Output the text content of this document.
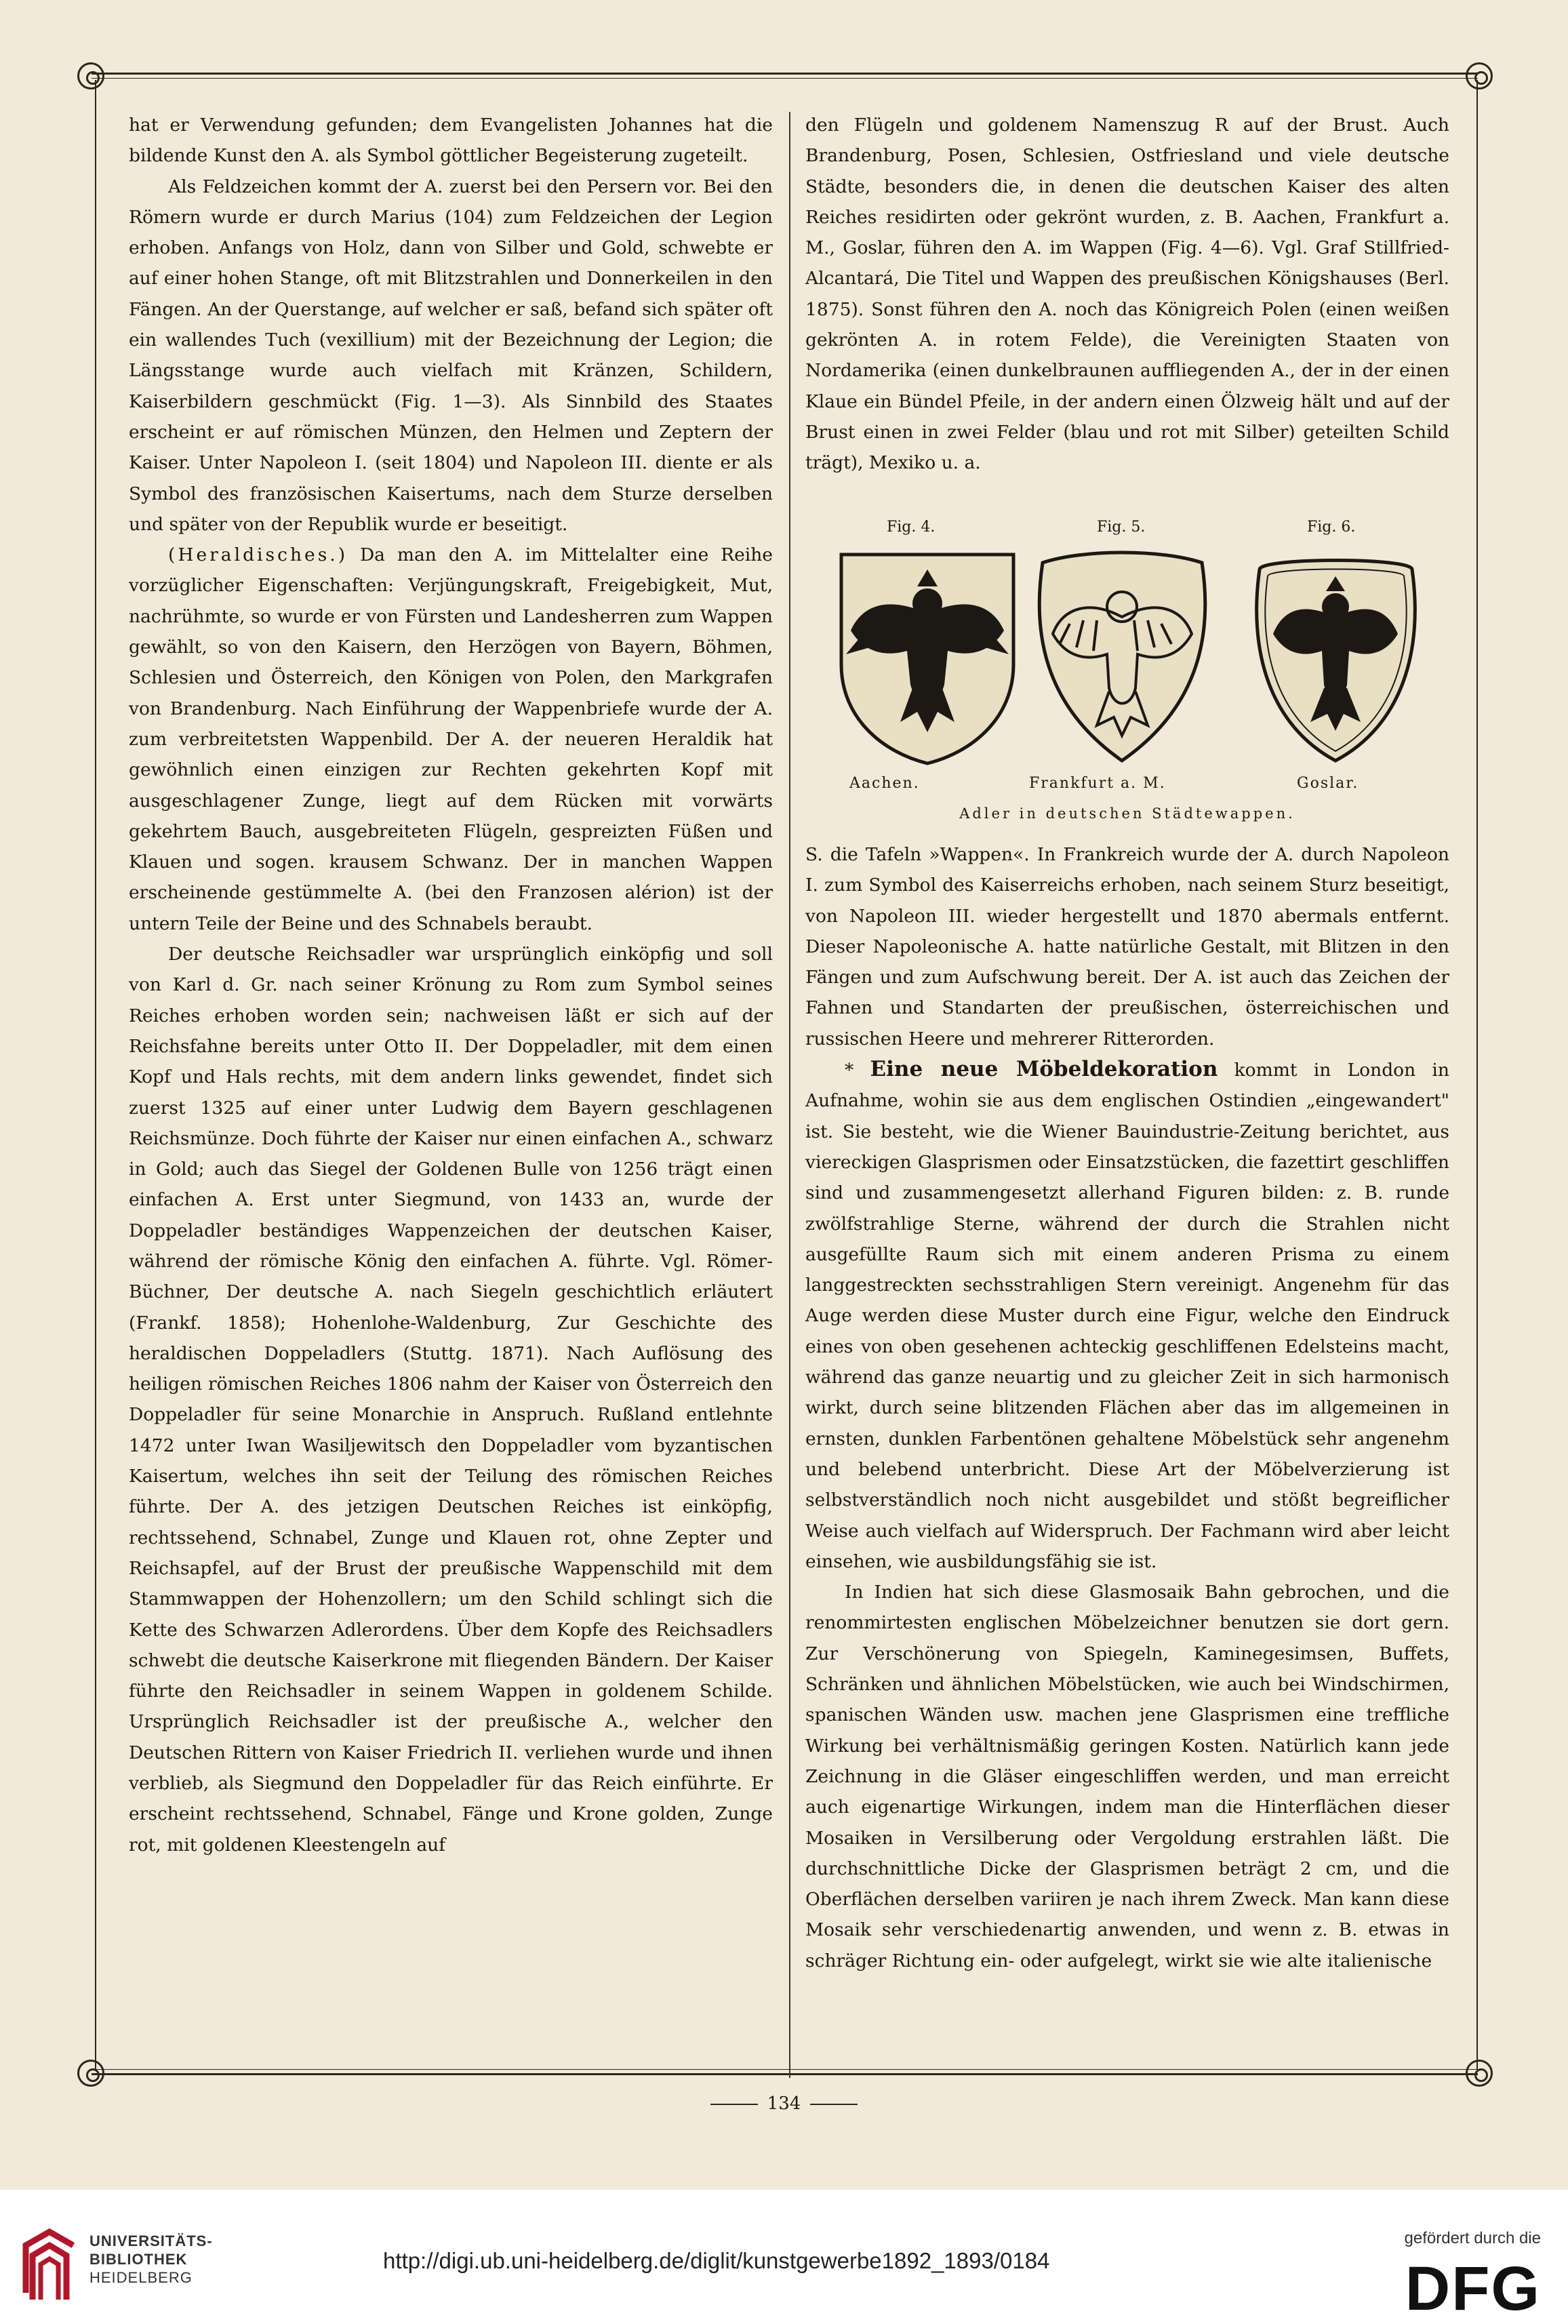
hat er Verwendung gefunden; dem Evangelisten Johannes hat die bildende Kunst den A. als Symbol göttlicher Begeisterung zugeteilt.

Als Feldzeichen kommt der A. zuerst bei den Persern vor. Bei den Römern wurde er durch Marius (104) zum Feldzeichen der Legion erhoben. Anfangs von Holz, dann von Silber und Gold, schwebte er auf einer hohen Stange, oft mit Blitzstrahlen und Donnerkeilen in den Fängen. An der Querstange, auf welcher er saß, befand sich später oft ein wallendes Tuch (vexillium) mit der Bezeichnung der Legion; die Längsstange wurde auch vielfach mit Kränzen, Schildern, Kaiserbildern geschmückt (Fig. 1—3). Als Sinnbild des Staates erscheint er auf römischen Münzen, den Helmen und Zeptern der Kaiser. Unter Napoleon I. (seit 1804) und Napoleon III. diente er als Symbol des französischen Kaisertums, nach dem Sturze derselben und später von der Republik wurde er beseitigt.

(Heraldisches.) Da man den A. im Mittelalter eine Reihe vorzüglicher Eigenschaften: Verjüngungskraft, Freigebigkeit, Mut, nachrühmte, so wurde er von Fürsten und Landesherren zum Wappen gewählt, so von den Kaisern, den Herzögen von Bayern, Böhmen, Schlesien und Österreich, den Königen von Polen, den Markgrafen von Brandenburg. Nach Einführung der Wappenbriefe wurde der A. zum verbreitetsten Wappenbild. Der A. der neueren Heraldik hat gewöhnlich einen einzigen zur Rechten gekehrten Kopf mit ausgeschlagener Zunge, liegt auf dem Rücken mit vorwärts gekehrtem Bauch, ausgebreiteten Flügeln, gespreizten Füßen und Klauen und sogen. krausem Schwanz. Der in manchen Wappen erscheinende gestümmelte A. (bei den Franzosen alérion) ist der untern Teile der Beine und des Schnabels beraubt.

Der deutsche Reichsadler war ursprünglich einköpfig und soll von Karl d. Gr. nach seiner Krönung zu Rom zum Symbol seines Reiches erhoben worden sein; nachweisen läßt er sich auf der Reichsfahne bereits unter Otto II. Der Doppeladler, mit dem einen Kopf und Hals rechts, mit dem andern links gewendet, findet sich zuerst 1325 auf einer unter Ludwig dem Bayern geschlagenen Reichsmünze. Doch führte der Kaiser nur einen einfachen A., schwarz in Gold; auch das Siegel der Goldenen Bulle von 1256 trägt einen einfachen A. Erst unter Siegmund, von 1433 an, wurde der Doppeladler beständiges Wappenzeichen der deutschen Kaiser, während der römische König den einfachen A. führte. Vgl. Römer-Büchner, Der deutsche A. nach Siegeln geschichtlich erläutert (Frankf. 1858); Hohenlohe-Waldenburg, Zur Geschichte des heraldischen Doppeladlers (Stuttg. 1871). Nach Auflösung des heiligen römischen Reiches 1806 nahm der Kaiser von Österreich den Doppeladler für seine Monarchie in Anspruch. Rußland entlehnte 1472 unter Iwan Wasiljewitsch den Doppeladler vom byzantischen Kaisertum, welches ihn seit der Teilung des römischen Reiches führte. Der A. des jetzigen Deutschen Reiches ist einköpfig, rechtssehend, Schnabel, Zunge und Klauen rot, ohne Zepter und Reichsapfel, auf der Brust der preußische Wappenschild mit dem Stammwappen der Hohenzollern; um den Schild schlingt sich die Kette des Schwarzen Adlerordens. Über dem Kopfe des Reichsadlers schwebt die deutsche Kaiserkrone mit fliegenden Bändern. Der Kaiser führte den Reichsadler in seinem Wappen in goldenem Schilde. Ursprünglich Reichsadler ist der preußische A., welcher den Deutschen Rittern von Kaiser Friedrich II. verliehen wurde und ihnen verblieb, als Siegmund den Doppeladler für das Reich einführte. Er erscheint rechtssehend, Schnabel, Fänge und Krone golden, Zunge rot, mit goldenen Kleestengeln auf

den Flügeln und goldenem Namenszug R auf der Brust. Auch Brandenburg, Posen, Schlesien, Ostfriesland und viele deutsche Städte, besonders die, in denen die deutschen Kaiser des alten Reiches residirten oder gekrönt wurden, z. B. Aachen, Frankfurt a. M., Goslar, führen den A. im Wappen (Fig. 4—6). Vgl. Graf Stillfried-Alcantará, Die Titel und Wappen des preußischen Königshauses (Berl. 1875). Sonst führen den A. noch das Königreich Polen (einen weißen gekrönten A. in rotem Felde), die Vereinigten Staaten von Nordamerika (einen dunkelbraunen auffliegenden A., der in der einen Klaue ein Bündel Pfeile, in der andern einen Ölzweig hält und auf der Brust einen in zwei Felder (blau und rot mit Silber) geteilten Schild trägt), Mexiko u. a.

Fig. 4.	Fig. 5.	Fig. 6.
Aachen.	Frankfurt a. M.	Goslar.
Adler in deutschen Städtewappen.

S. die Tafeln »Wappen«. In Frankreich wurde der A. durch Napoleon I. zum Symbol des Kaiserreichs erhoben, nach seinem Sturz beseitigt, von Napoleon III. wieder hergestellt und 1870 abermals entfernt. Dieser Napoleonische A. hatte natürliche Gestalt, mit Blitzen in den Fängen und zum Aufschwung bereit. Der A. ist auch das Zeichen der Fahnen und Standarten der preußischen, österreichischen und russischen Heere und mehrerer Ritterorden.

* Eine neue Möbeldekoration kommt in London in Aufnahme, wohin sie aus dem englischen Ostindien „eingewandert" ist. Sie besteht, wie die Wiener Bauindustrie-Zeitung berichtet, aus viereckigen Glasprismen oder Einsatzstücken, die fazettirt geschliffen sind und zusammengesetzt allerhand Figuren bilden: z. B. runde zwölfstrahlige Sterne, während der durch die Strahlen nicht ausgefüllte Raum sich mit einem anderen Prisma zu einem langgestreckten sechsstrahligen Stern vereinigt. Angenehm für das Auge werden diese Muster durch eine Figur, welche den Eindruck eines von oben gesehenen achteckig geschliffenen Edelsteins macht, während das ganze neuartig und zu gleicher Zeit in sich harmonisch wirkt, durch seine blitzenden Flächen aber das im allgemeinen in ernsten, dunklen Farbentönen gehaltene Möbelstück sehr angenehm und belebend unterbricht. Diese Art der Möbelverzierung ist selbstverständlich noch nicht ausgebildet und stößt begreiflicher Weise auch vielfach auf Widerspruch. Der Fachmann wird aber leicht einsehen, wie ausbildungsfähig sie ist.

In Indien hat sich diese Glasmosaik Bahn gebrochen, und die renommirtesten englischen Möbelzeichner benutzen sie dort gern. Zur Verschönerung von Spiegeln, Kaminegesimsen, Buffets, Schränken und ähnlichen Möbelstücken, wie auch bei Windschirmen, spanischen Wänden usw. machen jene Glasprismen eine treffliche Wirkung bei verhältnismäßig geringen Kosten. Natürlich kann jede Zeichnung in die Gläser eingeschliffen werden, und man erreicht auch eigenartige Wirkungen, indem man die Hinterflächen dieser Mosaiken in Versilberung oder Vergoldung erstrahlen läßt. Die durchschnittliche Dicke der Glasprismen beträgt 2 cm, und die Oberflächen derselben variiren je nach ihrem Zweck. Man kann diese Mosaik sehr verschiedenartig anwenden, und wenn z. B. etwas in schräger Richtung ein- oder aufgelegt, wirkt sie wie alte italienische

134
UNIVERSITÄTS-
BIBLIOTHEK
HEIDELBERG
http://digi.ub.uni-heidelberg.de/diglit/kunstgewerbe1892_1893/0184
gefördert durch die
DFG
